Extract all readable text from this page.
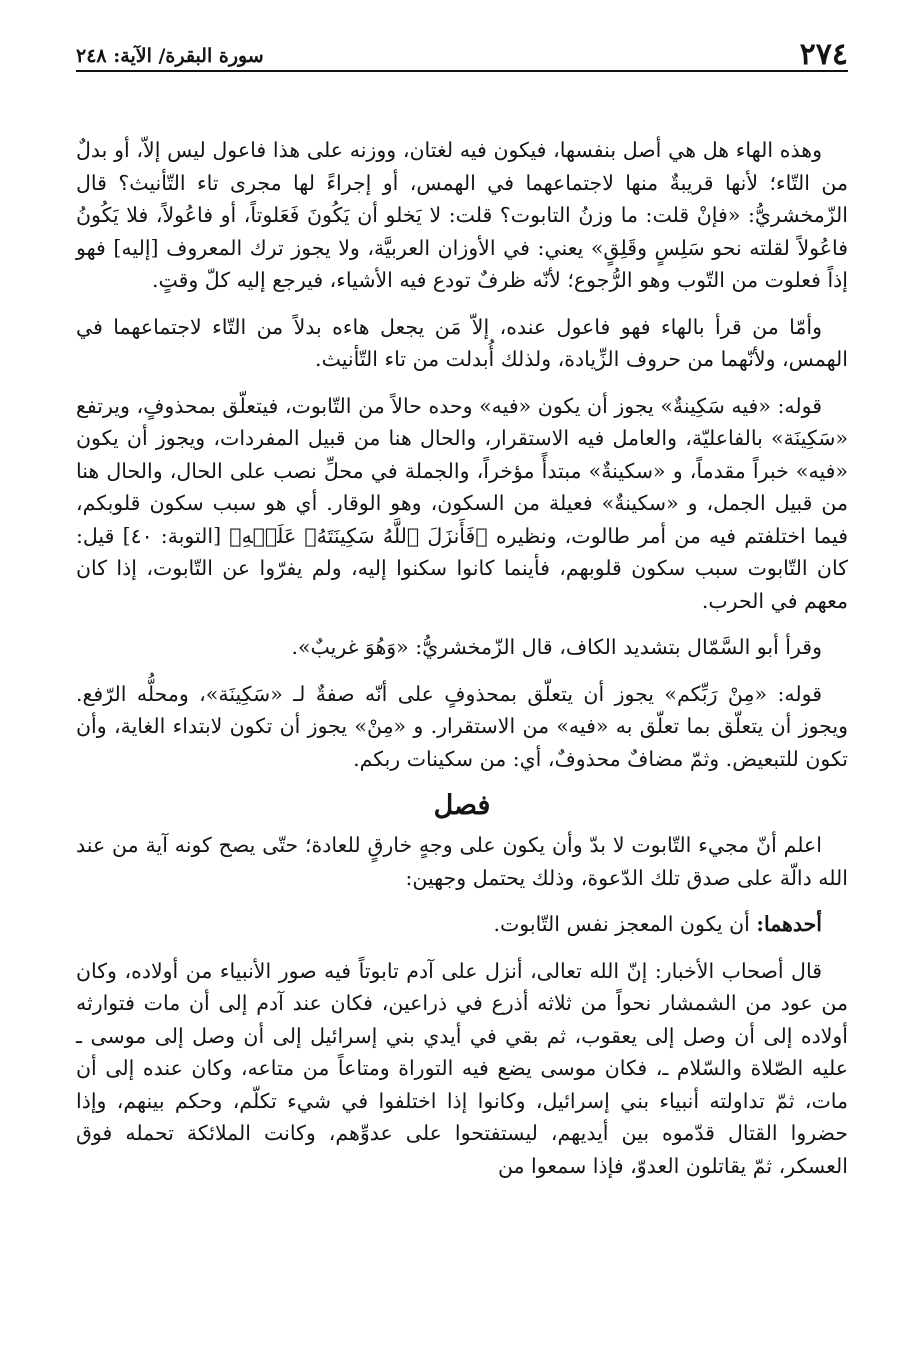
٢٧٤
سورة البقرة/ الآية: ٢٤٨

وهذه الهاء هل هي أصل بنفسها، فيكون فيه لغتان، ووزنه على هذا فاعول ليس إلاّ، أو بدلٌ من التّاء؛ لأنها قريبةٌ منها لاجتماعهما في الهمس، أو إجراءً لها مجرى تاء التّأنيث؟ قال الزّمخشريُّ: «فإنْ قلت: ما وزنُ التابوت؟ قلت: لا يَخلو أن يَكُونَ فَعَلوتاً، أو فاعُولاً، فلا يَكُونُ فاعُولاً لقلته نحو سَلِسٍ وقَلِقٍ» يعني: في الأوزان العربيَّة، ولا يجوز ترك المعروف [إليه] فهو إذاً فعلوت من التّوب وهو الرُّجوع؛ لأنّه ظرفٌ تودع فيه الأشياء، فيرجع إليه كلّ وقتٍ.

وأمّا من قرأ بالهاء فهو فاعول عنده، إلاّ مَن يجعل هاءه بدلاً من التّاء لاجتماعهما في الهمس، ولأنّهما من حروف الزِّيادة، ولذلك أُبدلت من تاء التّأنيث.

قوله: «فيه سَكِينةٌ» يجوز أن يكون «فيه» وحده حالاً من التّابوت، فيتعلّق بمحذوفٍ، ويرتفع «سَكِينَة» بالفاعليّة، والعامل فيه الاستقرار، والحال هنا من قبيل المفردات، ويجوز أن يكون «فيه» خبراً مقدماً، و «سكينةٌ» مبتدأً مؤخراً، والجملة في محلِّ نصب على الحال، والحال هنا من قبيل الجمل، و «سكينةٌ» فعيلة من السكون، وهو الوقار. أي هو سبب سكون قلوبكم، فيما اختلفتم فيه من أمر طالوت، ونظيره ﴿فَأَنزَلَ ٱللَّهُ سَكِينَتَهُۥ عَلَيۡهِ﴾ [التوبة: ٤٠] قيل: كان التّابوت سبب سكون قلوبهم، فأينما كانوا سكنوا إليه، ولم يفرّوا عن التّابوت، إذا كان معهم في الحرب.

وقرأ أبو السَّمّال بتشديد الكاف، قال الزّمخشريُّ: «وَهُوَ غريبٌ».

قوله: «مِنْ رَبِّكم» يجوز أن يتعلّق بمحذوفٍ على أنّه صفةٌ لـ «سَكِينَة»، ومحلُّه الرّفع. ويجوز أن يتعلّق بما تعلّق به «فيه» من الاستقرار. و «مِنْ» يجوز أن تكون لابتداء الغاية، وأن تكون للتبعيض. وثمّ مضافٌ محذوفٌ، أي: من سكينات ربكم.

فصل

اعلم أنّ مجيء التّابوت لا بدّ وأن يكون على وجهٍ خارقٍ للعادة؛ حتّى يصح كونه آية من عند الله دالّة على صدق تلك الدّعوة، وذلك يحتمل وجهين:

أحدهما: أن يكون المعجز نفس التّابوت.

قال أصحاب الأخبار: إنّ الله تعالى، أنزل على آدم تابوتاً فيه صور الأنبياء من أولاده، وكان من عود من الشمشار نحواً من ثلاثه أذرع في ذراعين، فكان عند آدم إلى أن مات فتوارثه أولاده إلى أن وصل إلى يعقوب، ثم بقي في أيدي بني إسرائيل إلى أن وصل إلى موسى ـ عليه الصّلاة والسّلام ـ، فكان موسى يضع فيه التوراة ومتاعاً من متاعه، وكان عنده إلى أن مات، ثمّ تداولته أنبياء بني إسرائيل، وكانوا إذا اختلفوا في شيء تكلّم، وحكم بينهم، وإذا حضروا القتال قدّموه بين أيديهم، ليستفتحوا على عدوِّهم، وكانت الملائكة تحمله فوق العسكر، ثمّ يقاتلون العدوّ، فإذا سمعوا من
